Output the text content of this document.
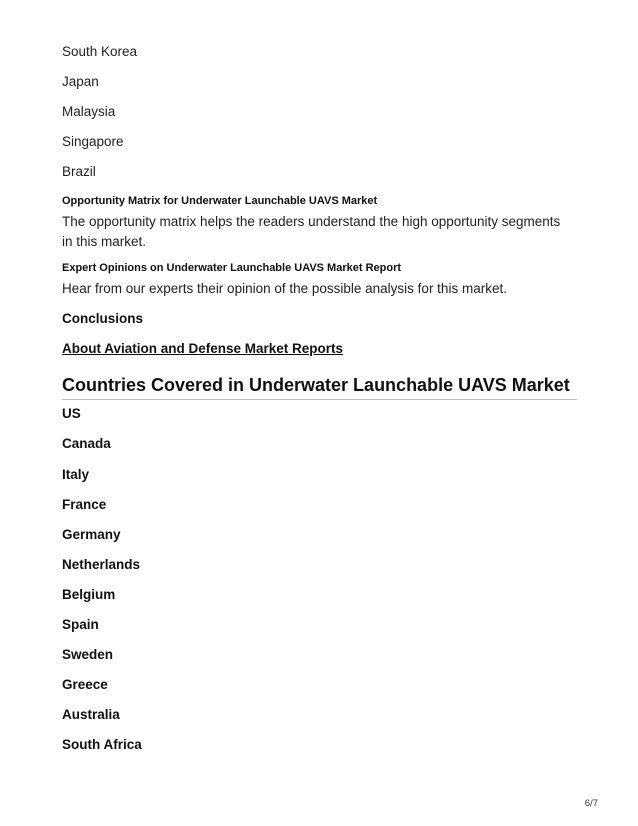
South Korea

Japan

Malaysia

Singapore

Brazil

Opportunity Matrix for Underwater Launchable UAVS Market

The opportunity matrix helps the readers understand the high opportunity segments in this market.

Expert Opinions on Underwater Launchable UAVS Market Report

Hear from our experts their opinion of the possible analysis for this market.

Conclusions

About Aviation and Defense Market Reports

Countries Covered in Underwater Launchable UAVS Market

US

Canada

Italy

France

Germany

Netherlands

Belgium

Spain

Sweden

Greece

Australia

South Africa

6/7
